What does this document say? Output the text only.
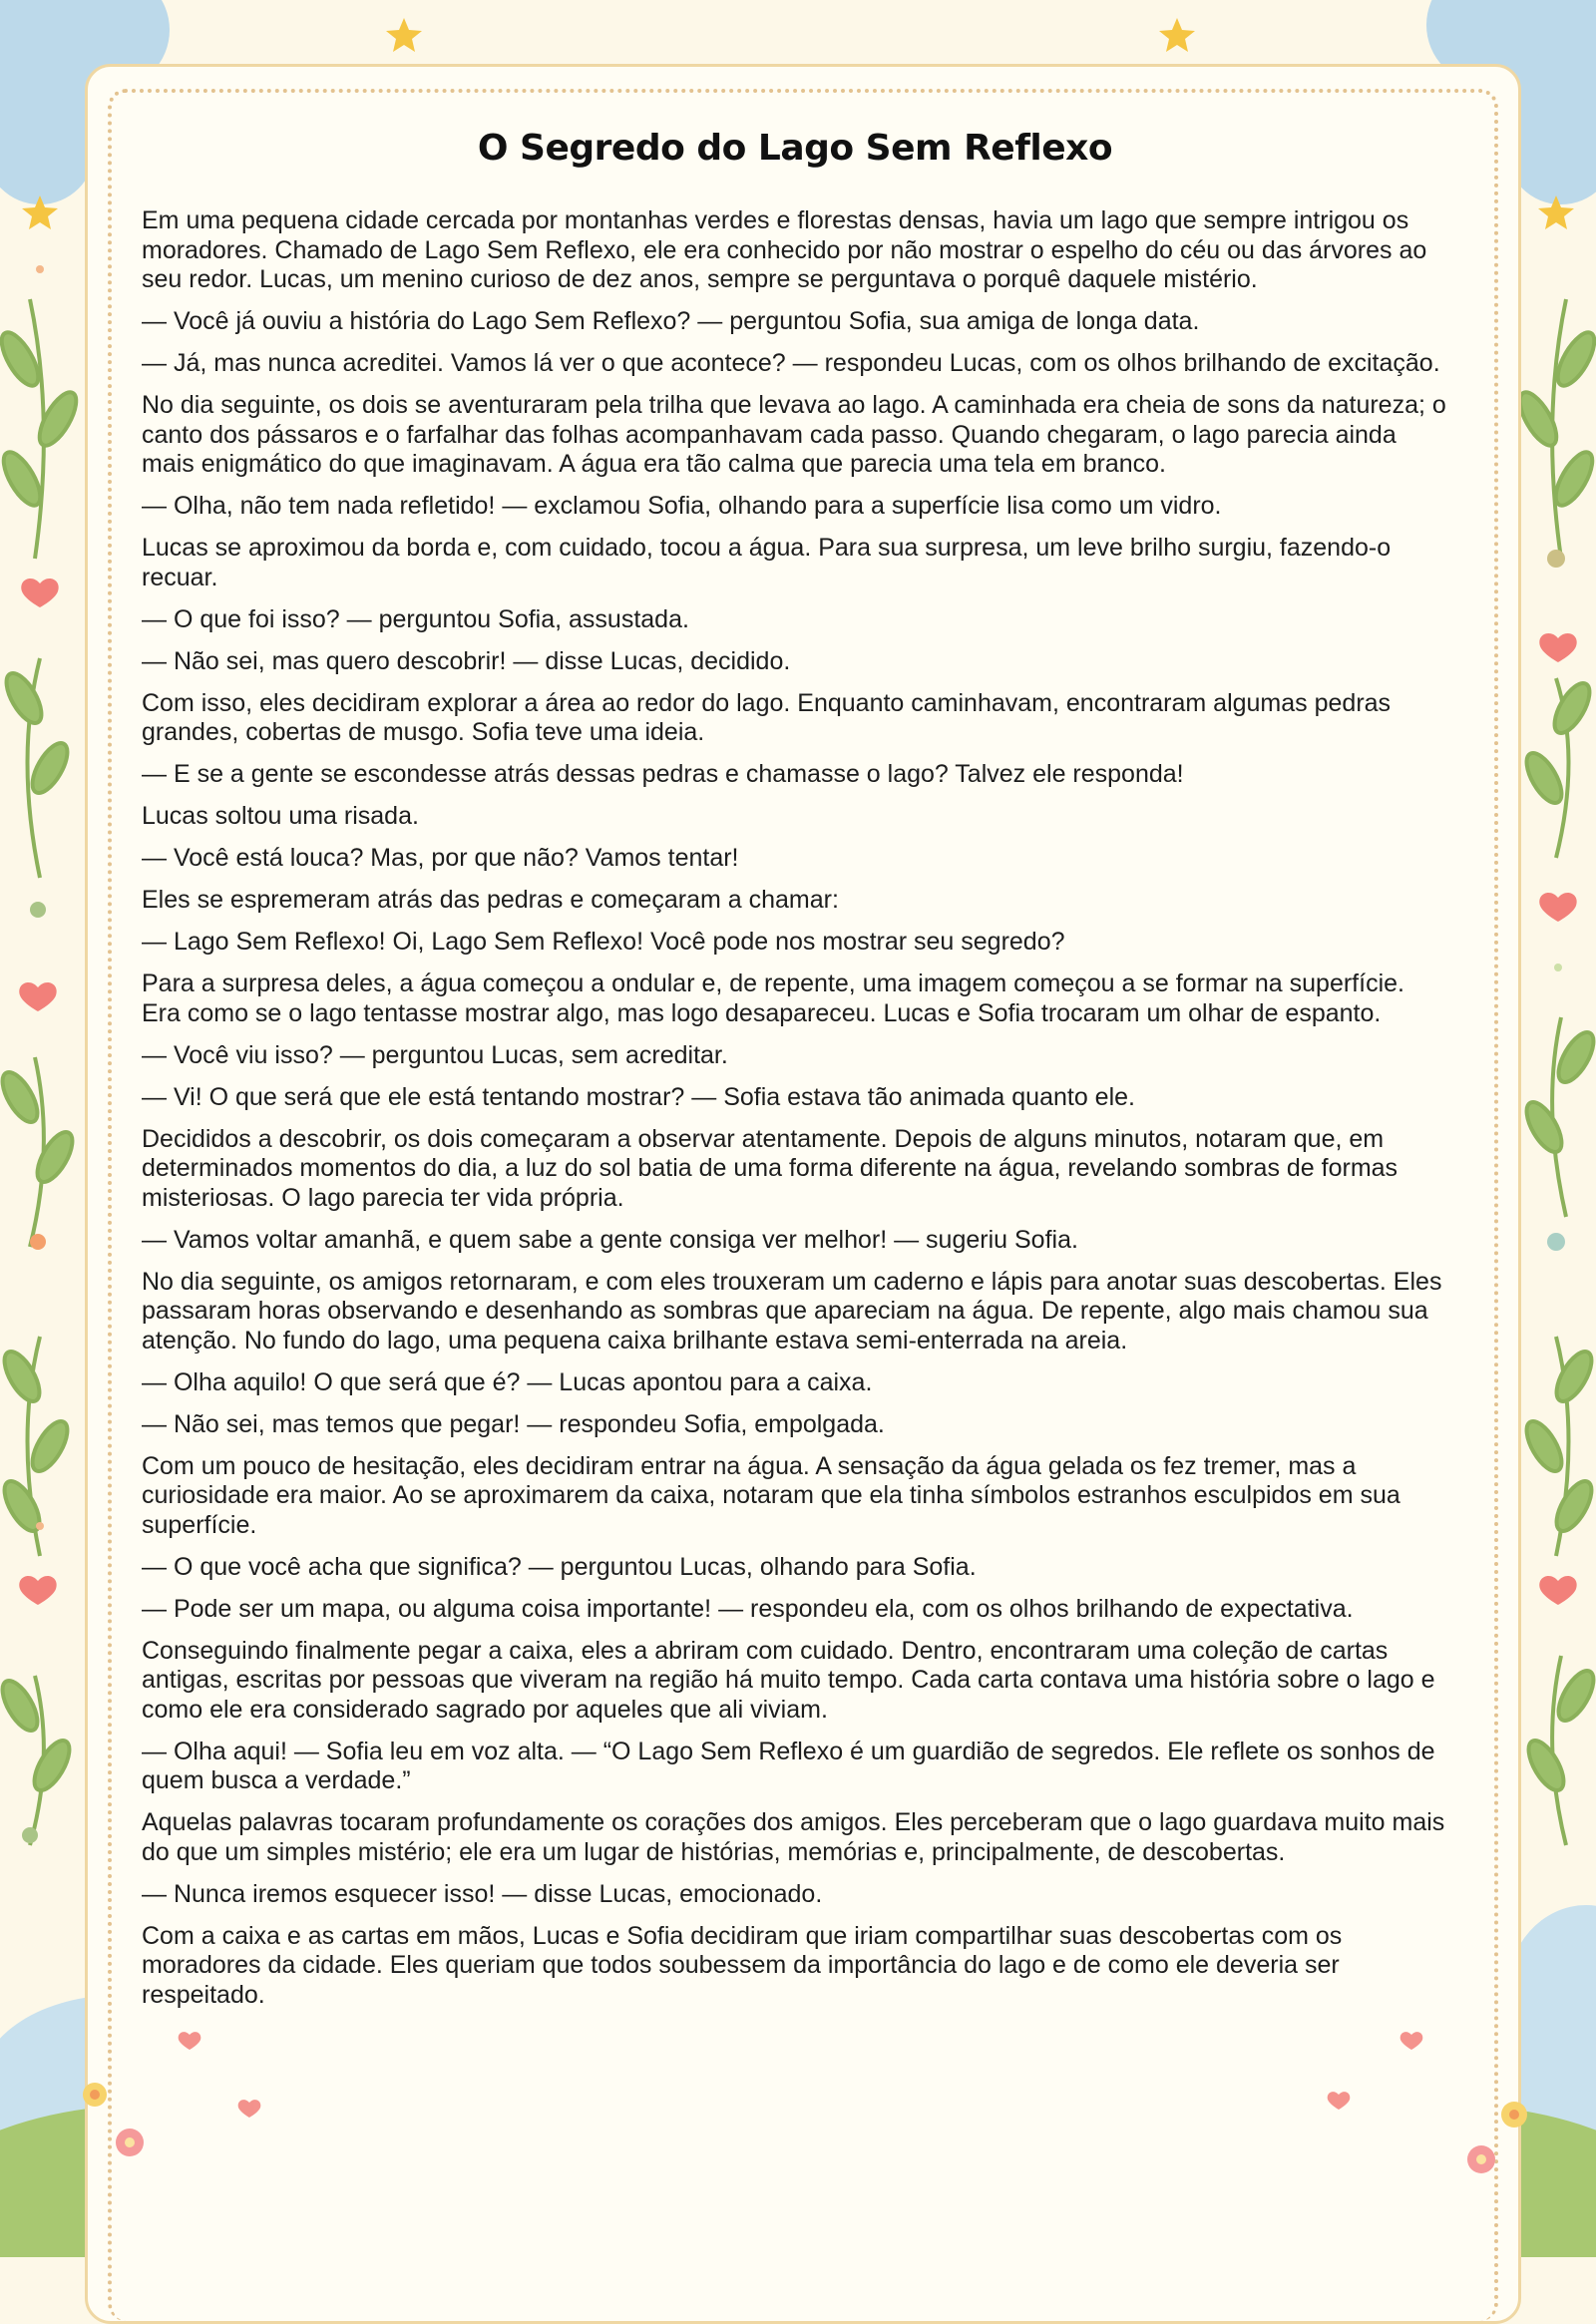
O Segredo do Lago Sem Reflexo

Em uma pequena cidade cercada por montanhas verdes e florestas densas, havia um lago que sempre intrigou os moradores. Chamado de Lago Sem Reflexo, ele era conhecido por não mostrar o espelho do céu ou das árvores ao seu redor. Lucas, um menino curioso de dez anos, sempre se perguntava o porquê daquele mistério.

— Você já ouviu a história do Lago Sem Reflexo? — perguntou Sofia, sua amiga de longa data.

— Já, mas nunca acreditei. Vamos lá ver o que acontece? — respondeu Lucas, com os olhos brilhando de excitação.

No dia seguinte, os dois se aventuraram pela trilha que levava ao lago. A caminhada era cheia de sons da natureza; o canto dos pássaros e o farfalhar das folhas acompanhavam cada passo. Quando chegaram, o lago parecia ainda mais enigmático do que imaginavam. A água era tão calma que parecia uma tela em branco.

— Olha, não tem nada refletido! — exclamou Sofia, olhando para a superfície lisa como um vidro.

Lucas se aproximou da borda e, com cuidado, tocou a água. Para sua surpresa, um leve brilho surgiu, fazendo-o recuar.

— O que foi isso? — perguntou Sofia, assustada.

— Não sei, mas quero descobrir! — disse Lucas, decidido.

Com isso, eles decidiram explorar a área ao redor do lago. Enquanto caminhavam, encontraram algumas pedras grandes, cobertas de musgo. Sofia teve uma ideia.

— E se a gente se escondesse atrás dessas pedras e chamasse o lago? Talvez ele responda!

Lucas soltou uma risada.

— Você está louca? Mas, por que não? Vamos tentar!

Eles se espremeram atrás das pedras e começaram a chamar:

— Lago Sem Reflexo! Oi, Lago Sem Reflexo! Você pode nos mostrar seu segredo?

Para a surpresa deles, a água começou a ondular e, de repente, uma imagem começou a se formar na superfície. Era como se o lago tentasse mostrar algo, mas logo desapareceu. Lucas e Sofia trocaram um olhar de espanto.

— Você viu isso? — perguntou Lucas, sem acreditar.

— Vi! O que será que ele está tentando mostrar? — Sofia estava tão animada quanto ele.

Decididos a descobrir, os dois começaram a observar atentamente. Depois de alguns minutos, notaram que, em determinados momentos do dia, a luz do sol batia de uma forma diferente na água, revelando sombras de formas misteriosas. O lago parecia ter vida própria.

— Vamos voltar amanhã, e quem sabe a gente consiga ver melhor! — sugeriu Sofia.

No dia seguinte, os amigos retornaram, e com eles trouxeram um caderno e lápis para anotar suas descobertas. Eles passaram horas observando e desenhando as sombras que apareciam na água. De repente, algo mais chamou sua atenção. No fundo do lago, uma pequena caixa brilhante estava semi-enterrada na areia.

— Olha aquilo! O que será que é? — Lucas apontou para a caixa.

— Não sei, mas temos que pegar! — respondeu Sofia, empolgada.

Com um pouco de hesitação, eles decidiram entrar na água. A sensação da água gelada os fez tremer, mas a curiosidade era maior. Ao se aproximarem da caixa, notaram que ela tinha símbolos estranhos esculpidos em sua superfície.

— O que você acha que significa? — perguntou Lucas, olhando para Sofia.

— Pode ser um mapa, ou alguma coisa importante! — respondeu ela, com os olhos brilhando de expectativa.

Conseguindo finalmente pegar a caixa, eles a abriram com cuidado. Dentro, encontraram uma coleção de cartas antigas, escritas por pessoas que viveram na região há muito tempo. Cada carta contava uma história sobre o lago e como ele era considerado sagrado por aqueles que ali viviam.

— Olha aqui! — Sofia leu em voz alta. — “O Lago Sem Reflexo é um guardião de segredos. Ele reflete os sonhos de quem busca a verdade.”

Aquelas palavras tocaram profundamente os corações dos amigos. Eles perceberam que o lago guardava muito mais do que um simples mistério; ele era um lugar de histórias, memórias e, principalmente, de descobertas.

— Nunca iremos esquecer isso! — disse Lucas, emocionado.

Com a caixa e as cartas em mãos, Lucas e Sofia decidiram que iriam compartilhar suas descobertas com os moradores da cidade. Eles queriam que todos soubessem da importância do lago e de como ele deveria ser respeitado.
